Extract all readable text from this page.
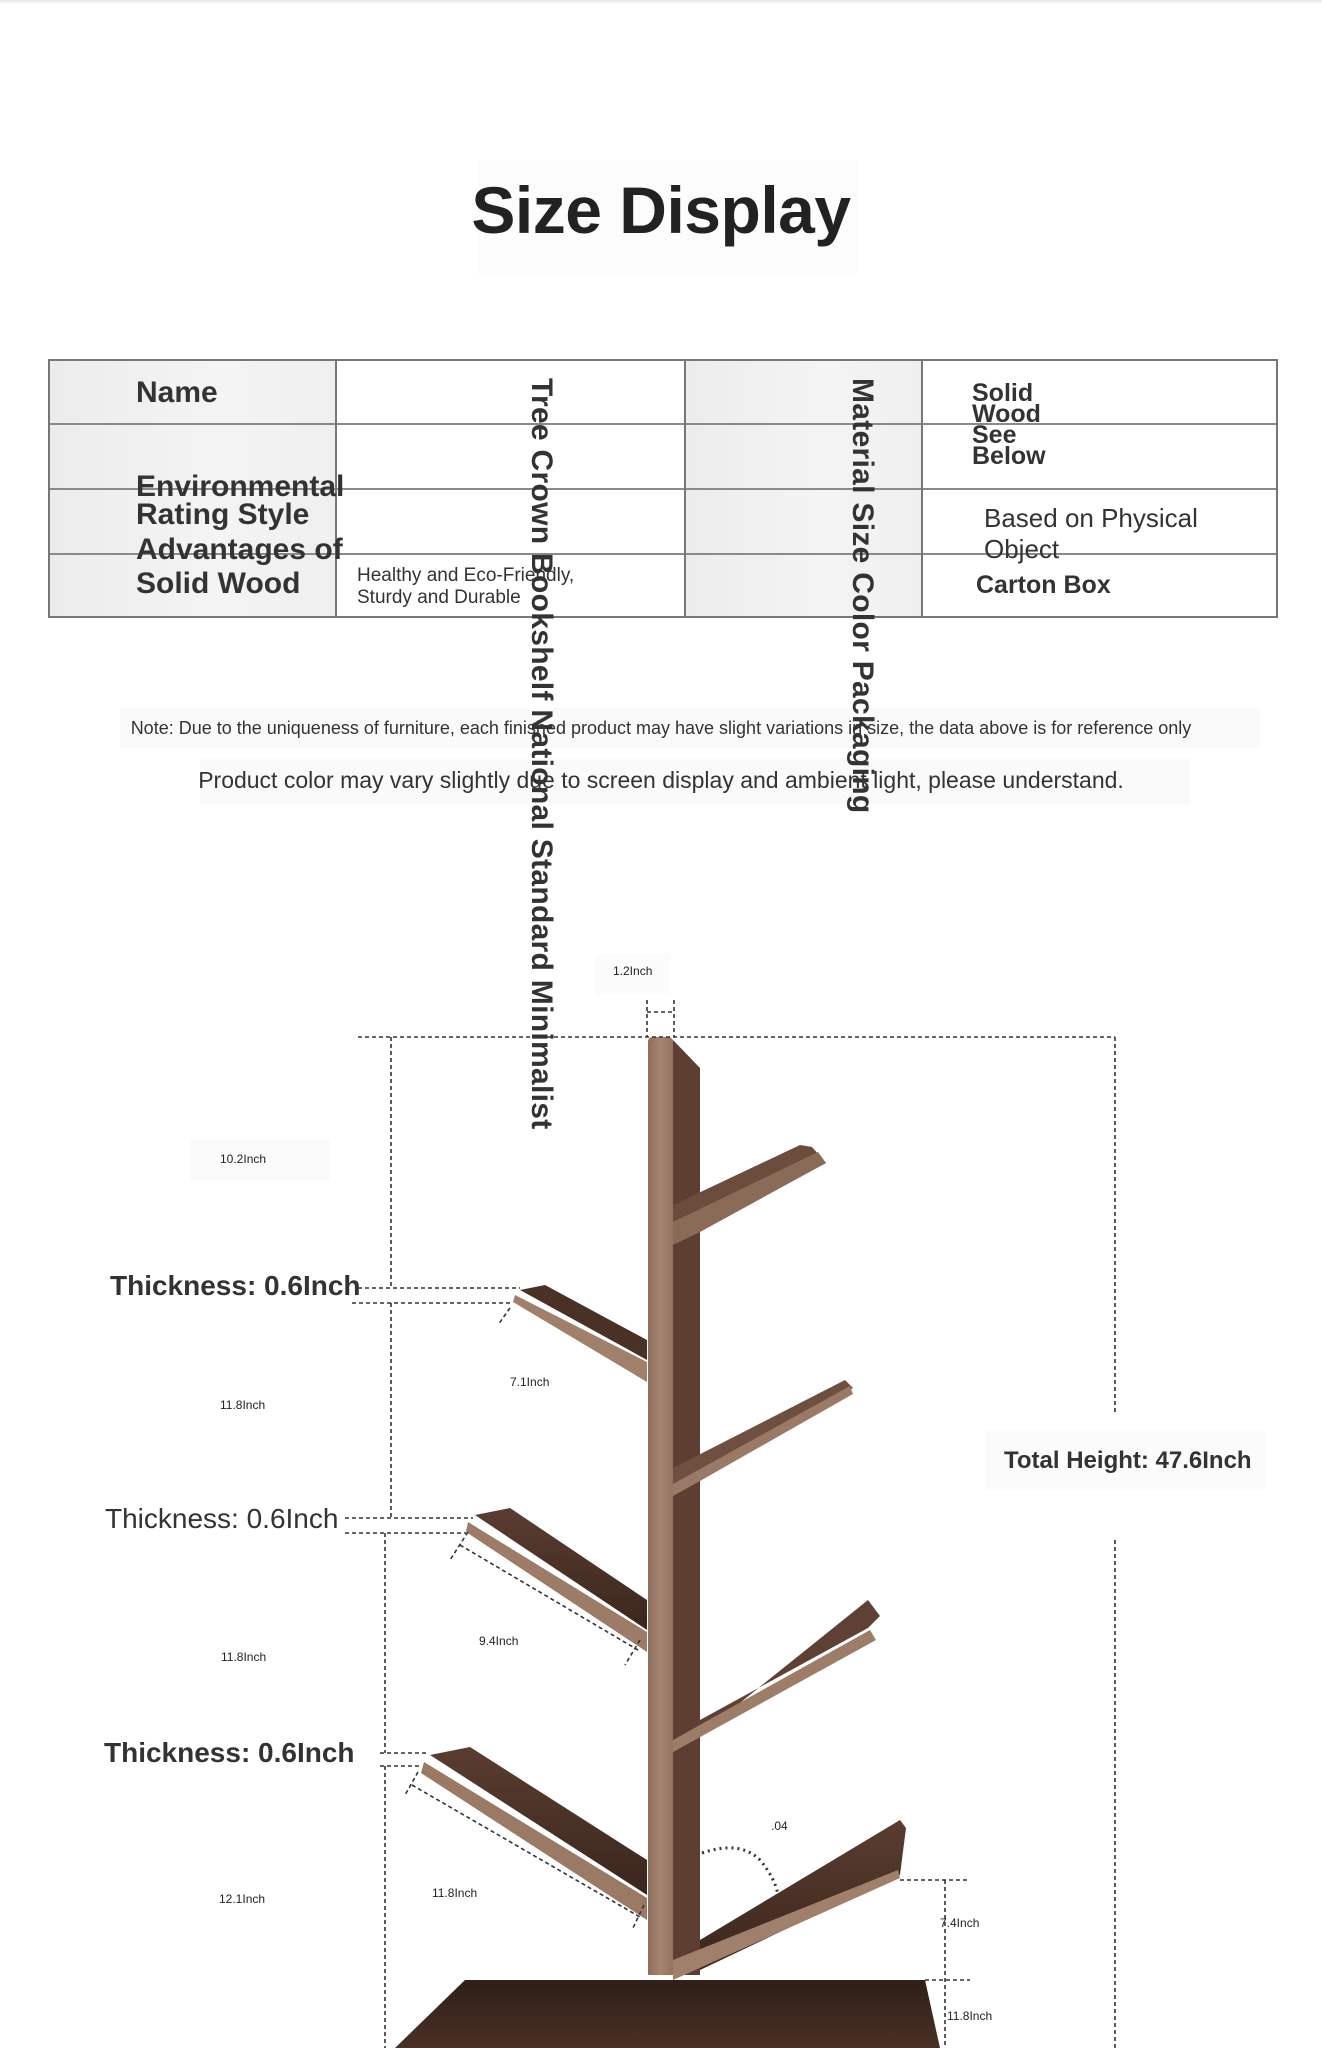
Size Display
Name
Environmental
Rating Style
Advantages of
Solid Wood	Healthy and Eco-Friendly,
Sturdy and Durable
Solid
Wood
See
Below
Based on Physical Object
Carton Box
Note: Due to the uniqueness of furniture, each finished product may have slight variations in size, the data above is for reference only
Product color may vary slightly due to screen display and ambient light, please understand.
1.2Inch
10.2Inch
11.8Inch
11.8Inch
12.1Inch
Thickness: 0.6Inch
Thickness: 0.6Inch
Thickness: 0.6Inch
7.1Inch
9.4Inch
11.8Inch
.04
7.4Inch
11.8Inch
Total Height: 47.6Inch
Tree Crown Bookshelf National Standard Minimalist	Material Size Color Packaging
